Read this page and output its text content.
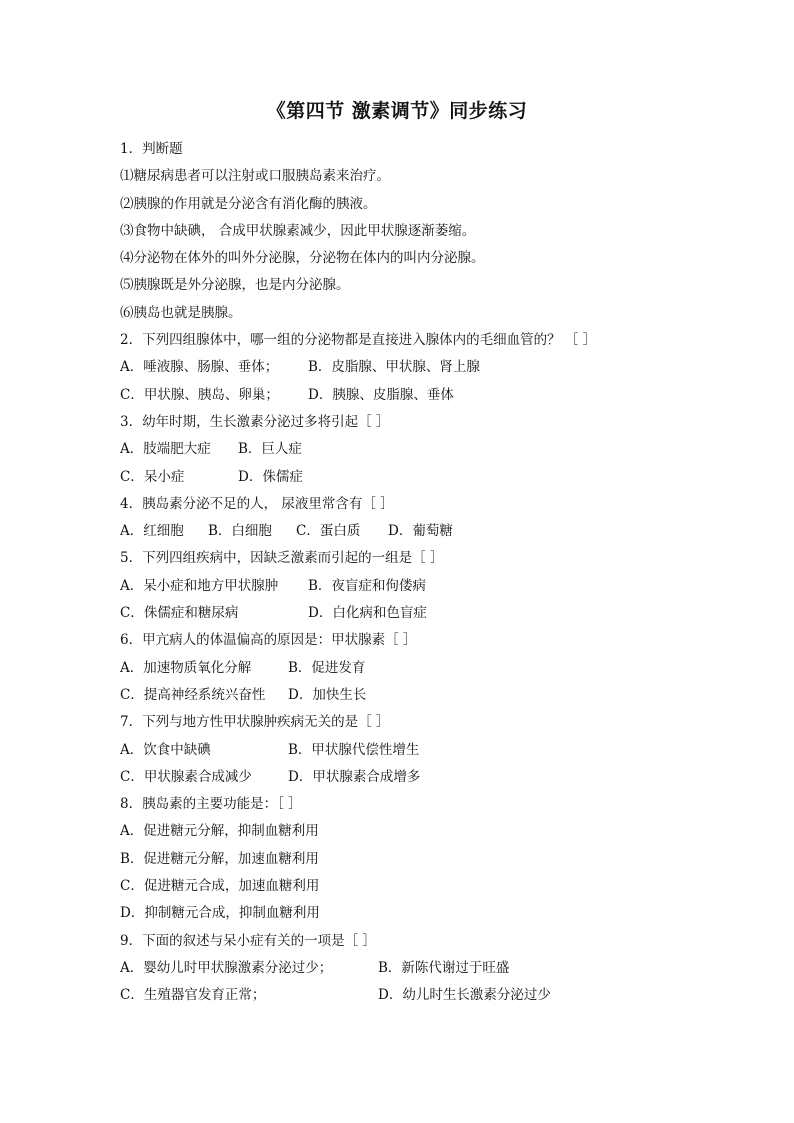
《第四节 激素调节》同步练习
1．判断题
⑴糖尿病患者可以注射或口服胰岛素来治疗。
⑵胰腺的作用就是分泌含有消化酶的胰液。
⑶食物中缺碘， 合成甲状腺素减少，因此甲状腺逐渐萎缩。
⑷分泌物在体外的叫外分泌腺，分泌物在体内的叫内分泌腺。
⑸胰腺既是外分泌腺，也是内分泌腺。
⑹胰岛也就是胰腺。
2．下列四组腺体中，哪一组的分泌物都是直接进入腺体内的毛细血管的？ ［ ］
A．唾液腺、肠腺、垂体；	B．皮脂腺、甲状腺、肾上腺
C．甲状腺、胰岛、卵巢；	D．胰腺、皮脂腺、垂体
3．幼年时期，生长激素分泌过多将引起［ ］
A．肢端肥大症	B．巨人症
C．呆小症	D．侏儒症
4．胰岛素分泌不足的人， 尿液里常含有［ ］
A．红细胞	B．白细胞	C．蛋白质	D．葡萄糖
5．下列四组疾病中，因缺乏激素而引起的一组是［ ］
A．呆小症和地方甲状腺肿	B．夜盲症和佝偻病
C．侏儒症和糖尿病	D．白化病和色盲症
6．甲亢病人的体温偏高的原因是：甲状腺素［ ］
A．加速物质氧化分解	B．促进发育
C．提高神经系统兴奋性	D．加快生长
7．下列与地方性甲状腺肿疾病无关的是［ ］
A．饮食中缺碘	B．甲状腺代偿性增生
C．甲状腺素合成减少	D．甲状腺素合成增多
8．胰岛素的主要功能是：［ ］
A．促进糖元分解，抑制血糖利用
B．促进糖元分解，加速血糖利用
C．促进糖元合成，加速血糖利用
D．抑制糖元合成，抑制血糖利用
9．下面的叙述与呆小症有关的一项是［ ］
A．婴幼儿时甲状腺激素分泌过少；	B．新陈代谢过于旺盛
C．生殖器官发育正常；	D．幼儿时生长激素分泌过少
